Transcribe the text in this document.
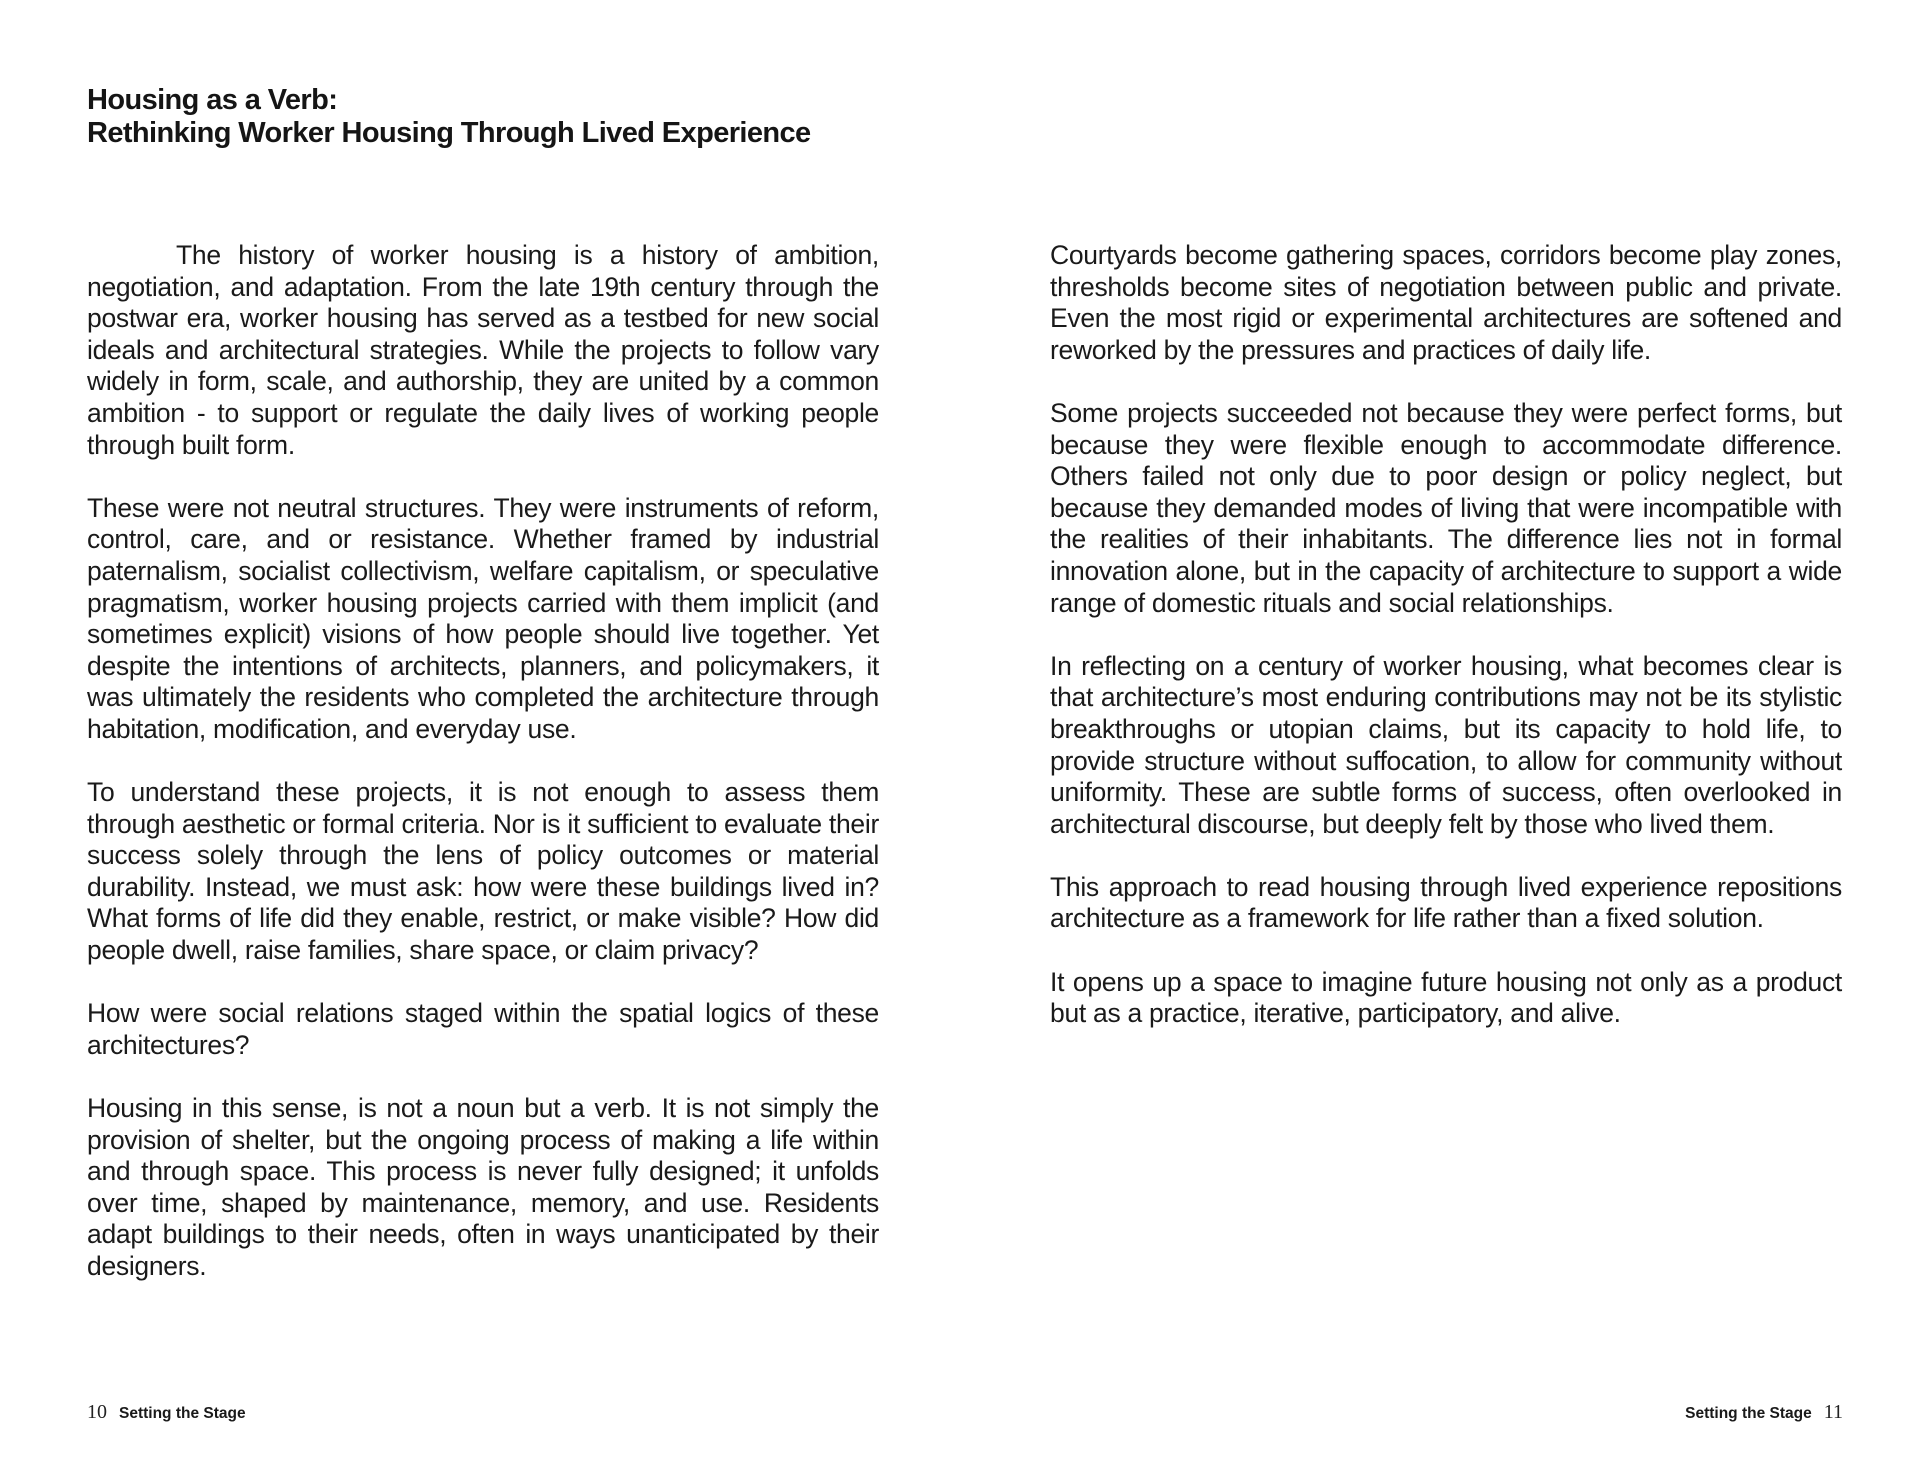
Housing as a Verb:
Rethinking Worker Housing Through Lived Experience

The history of worker housing is a history of ambition, negotiation, and adaptation. From the late 19th century through the postwar era, worker housing has served as a testbed for new social ideals and architectural strategies. While the projects to follow vary widely in form, scale, and authorship, they are united by a common ambition - to support or regulate the daily lives of working people through built form.

These were not neutral structures. They were instruments of reform, control, care, and or resistance. Whether framed by industrial paternalism, socialist collectivism, welfare capitalism, or speculative pragmatism, worker housing projects carried with them implicit (and sometimes explicit) visions of how people should live together. Yet despite the intentions of architects, planners, and policymakers, it was ultimately the residents who completed the architecture through habitation, modification, and everyday use.

To understand these projects, it is not enough to assess them through aesthetic or formal criteria. Nor is it sufficient to evaluate their success solely through the lens of policy outcomes or material durability. Instead, we must ask: how were these buildings lived in? What forms of life did they enable, restrict, or make visible? How did people dwell, raise families, share space, or claim privacy?

How were social relations staged within the spatial logics of these architectures?

Housing in this sense, is not a noun but a verb. It is not simply the provision of shelter, but the ongoing process of making a life within and through space. This process is never fully designed; it unfolds over time, shaped by maintenance, memory, and use. Residents adapt buildings to their needs, often in ways unanticipated by their designers.

Courtyards become gathering spaces, corridors become play zones, thresholds become sites of negotiation between public and private. Even the most rigid or experimental architectures are softened and reworked by the pressures and practices of daily life.

Some projects succeeded not because they were perfect forms, but because they were flexible enough to accommodate difference. Others failed not only due to poor design or policy neglect, but because they demanded modes of living that were incompatible with the realities of their inhabitants. The difference lies not in formal innovation alone, but in the capacity of architecture to support a wide range of domestic rituals and social relationships.

In reflecting on a century of worker housing, what becomes clear is that architecture’s most enduring contributions may not be its stylistic breakthroughs or utopian claims, but its capacity to hold life, to provide structure without suffocation, to allow for community without uniformity. These are subtle forms of success, often overlooked in architectural discourse, but deeply felt by those who lived them.

This approach to read housing through lived experience repositions architecture as a framework for life rather than a fixed solution.

It opens up a space to imagine future housing not only as a product but as a practice, iterative, participatory, and alive.

10 Setting the Stage	Setting the Stage 11
